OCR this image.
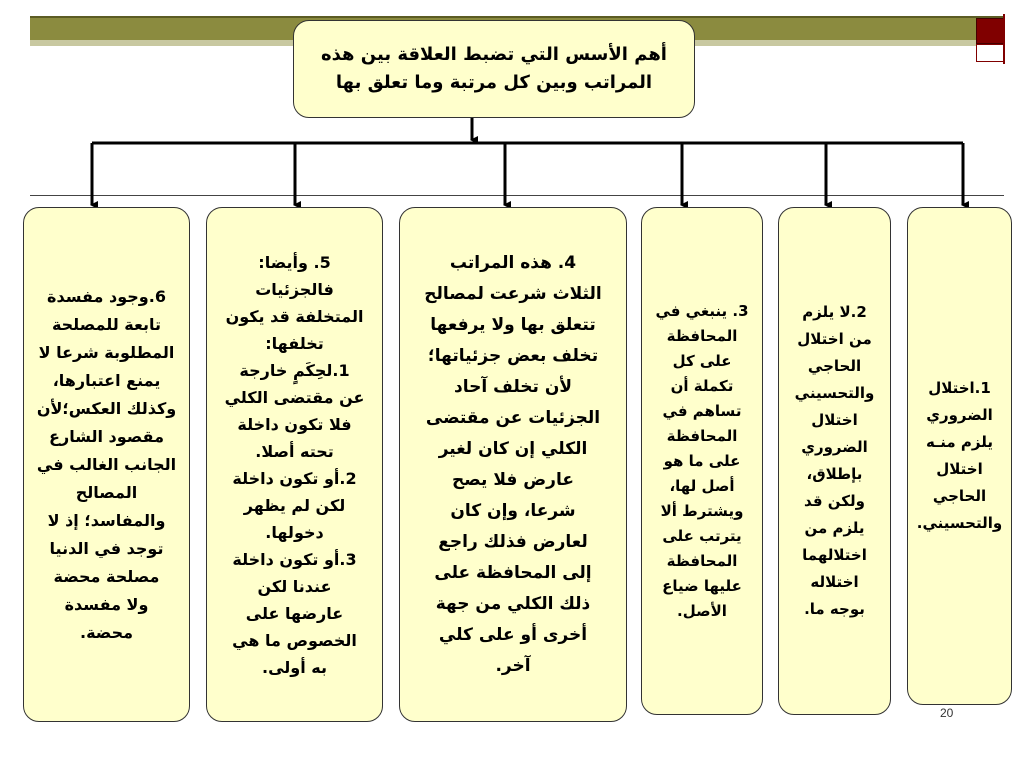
أهم الأسس التي تضبط العلاقة بين هذه المراتب وبين كل مرتبة وما تعلق بها
1.اختلال
الضروري
يلزم منـه
اختلال
الحاجي
والتحسيني.
2.لا يلزم
من اختلال
الحاجي
والتحسيني
اختلال
الضروري
بإطلاق،
ولكن قد
يلزم من
اختلالهما
اختلاله
بوجه ما.
3. ينبغي في
المحافظة
على كل
تكملة أن
تساهم في
المحافظة
على ما هو
أصل لها،
ويشترط ألا
يترتب على
المحافظة
عليها ضياع
الأصل.
4. هذه المراتب
الثلاث شرعت لمصالح
تتعلق بها ولا يرفعها
تخلف بعض جزئياتها؛
لأن تخلف آحاد
الجزئيات عن مقتضى
الكلي إن كان لغير
عارض فلا يصح
شرعا، وإن كان
لعارض فذلك راجع
إلى المحافظة على
ذلك الكلي من جهة
أخرى أو على كلي
آخر.
5. وأيضا:
فالجزئيات
المتخلفة قد يكون
تخلفها:
1.لحِكَمٍ خارجة
عن مقتضى الكلي
فلا تكون داخلة
تحته أصلا.
2.أو تكون داخلة
لكن لم يظهر
دخولها.
3.أو تكون داخلة
عندنا لكن
عارضها على
الخصوص ما هي
به أولى.
6.وجود مفسدة
تابعة للمصلحة
المطلوبة شرعا لا
يمنع اعتبارها،
وكذلك العكس؛لأن
مقصود الشارع
الجانب الغالب في
المصالح
والمفاسد؛ إذ لا
توجد في الدنيا
مصلحة محضة
ولا مفسدة
محضة.
20
